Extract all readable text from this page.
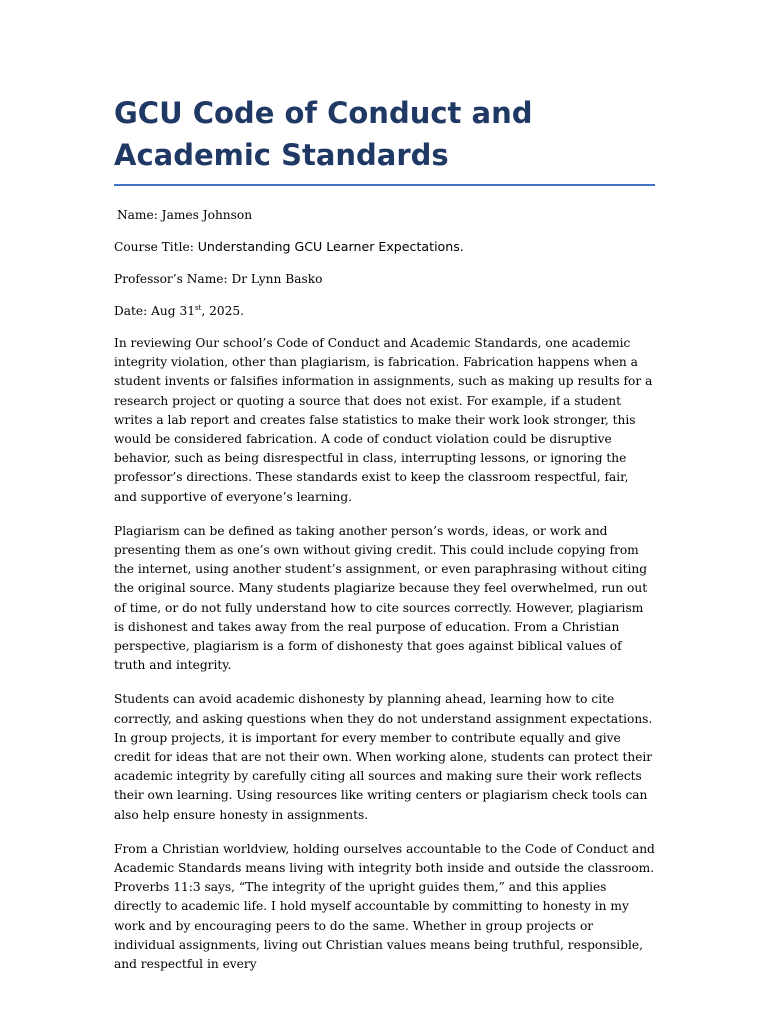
GCU Code of Conduct and Academic Standards

Name: James Johnson

Course Title: Understanding GCU Learner Expectations.

Professor’s Name: Dr Lynn Basko

Date: Aug 31st, 2025.

In reviewing Our school’s Code of Conduct and Academic Standards, one academic integrity violation, other than plagiarism, is fabrication. Fabrication happens when a student invents or falsifies information in assignments, such as making up results for a research project or quoting a source that does not exist. For example, if a student writes a lab report and creates false statistics to make their work look stronger, this would be considered fabrication. A code of conduct violation could be disruptive behavior, such as being disrespectful in class, interrupting lessons, or ignoring the professor’s directions. These standards exist to keep the classroom respectful, fair, and supportive of everyone’s learning.

Plagiarism can be defined as taking another person’s words, ideas, or work and presenting them as one’s own without giving credit. This could include copying from the internet, using another student’s assignment, or even paraphrasing without citing the original source. Many students plagiarize because they feel overwhelmed, run out of time, or do not fully understand how to cite sources correctly. However, plagiarism is dishonest and takes away from the real purpose of education. From a Christian perspective, plagiarism is a form of dishonesty that goes against biblical values of truth and integrity.

Students can avoid academic dishonesty by planning ahead, learning how to cite correctly, and asking questions when they do not understand assignment expectations. In group projects, it is important for every member to contribute equally and give credit for ideas that are not their own. When working alone, students can protect their academic integrity by carefully citing all sources and making sure their work reflects their own learning. Using resources like writing centers or plagiarism check tools can also help ensure honesty in assignments.

From a Christian worldview, holding ourselves accountable to the Code of Conduct and Academic Standards means living with integrity both inside and outside the classroom. Proverbs 11:3 says, “The integrity of the upright guides them,” and this applies directly to academic life. I hold myself accountable by committing to honesty in my work and by encouraging peers to do the same. Whether in group projects or individual assignments, living out Christian values means being truthful, responsible, and respectful in every
